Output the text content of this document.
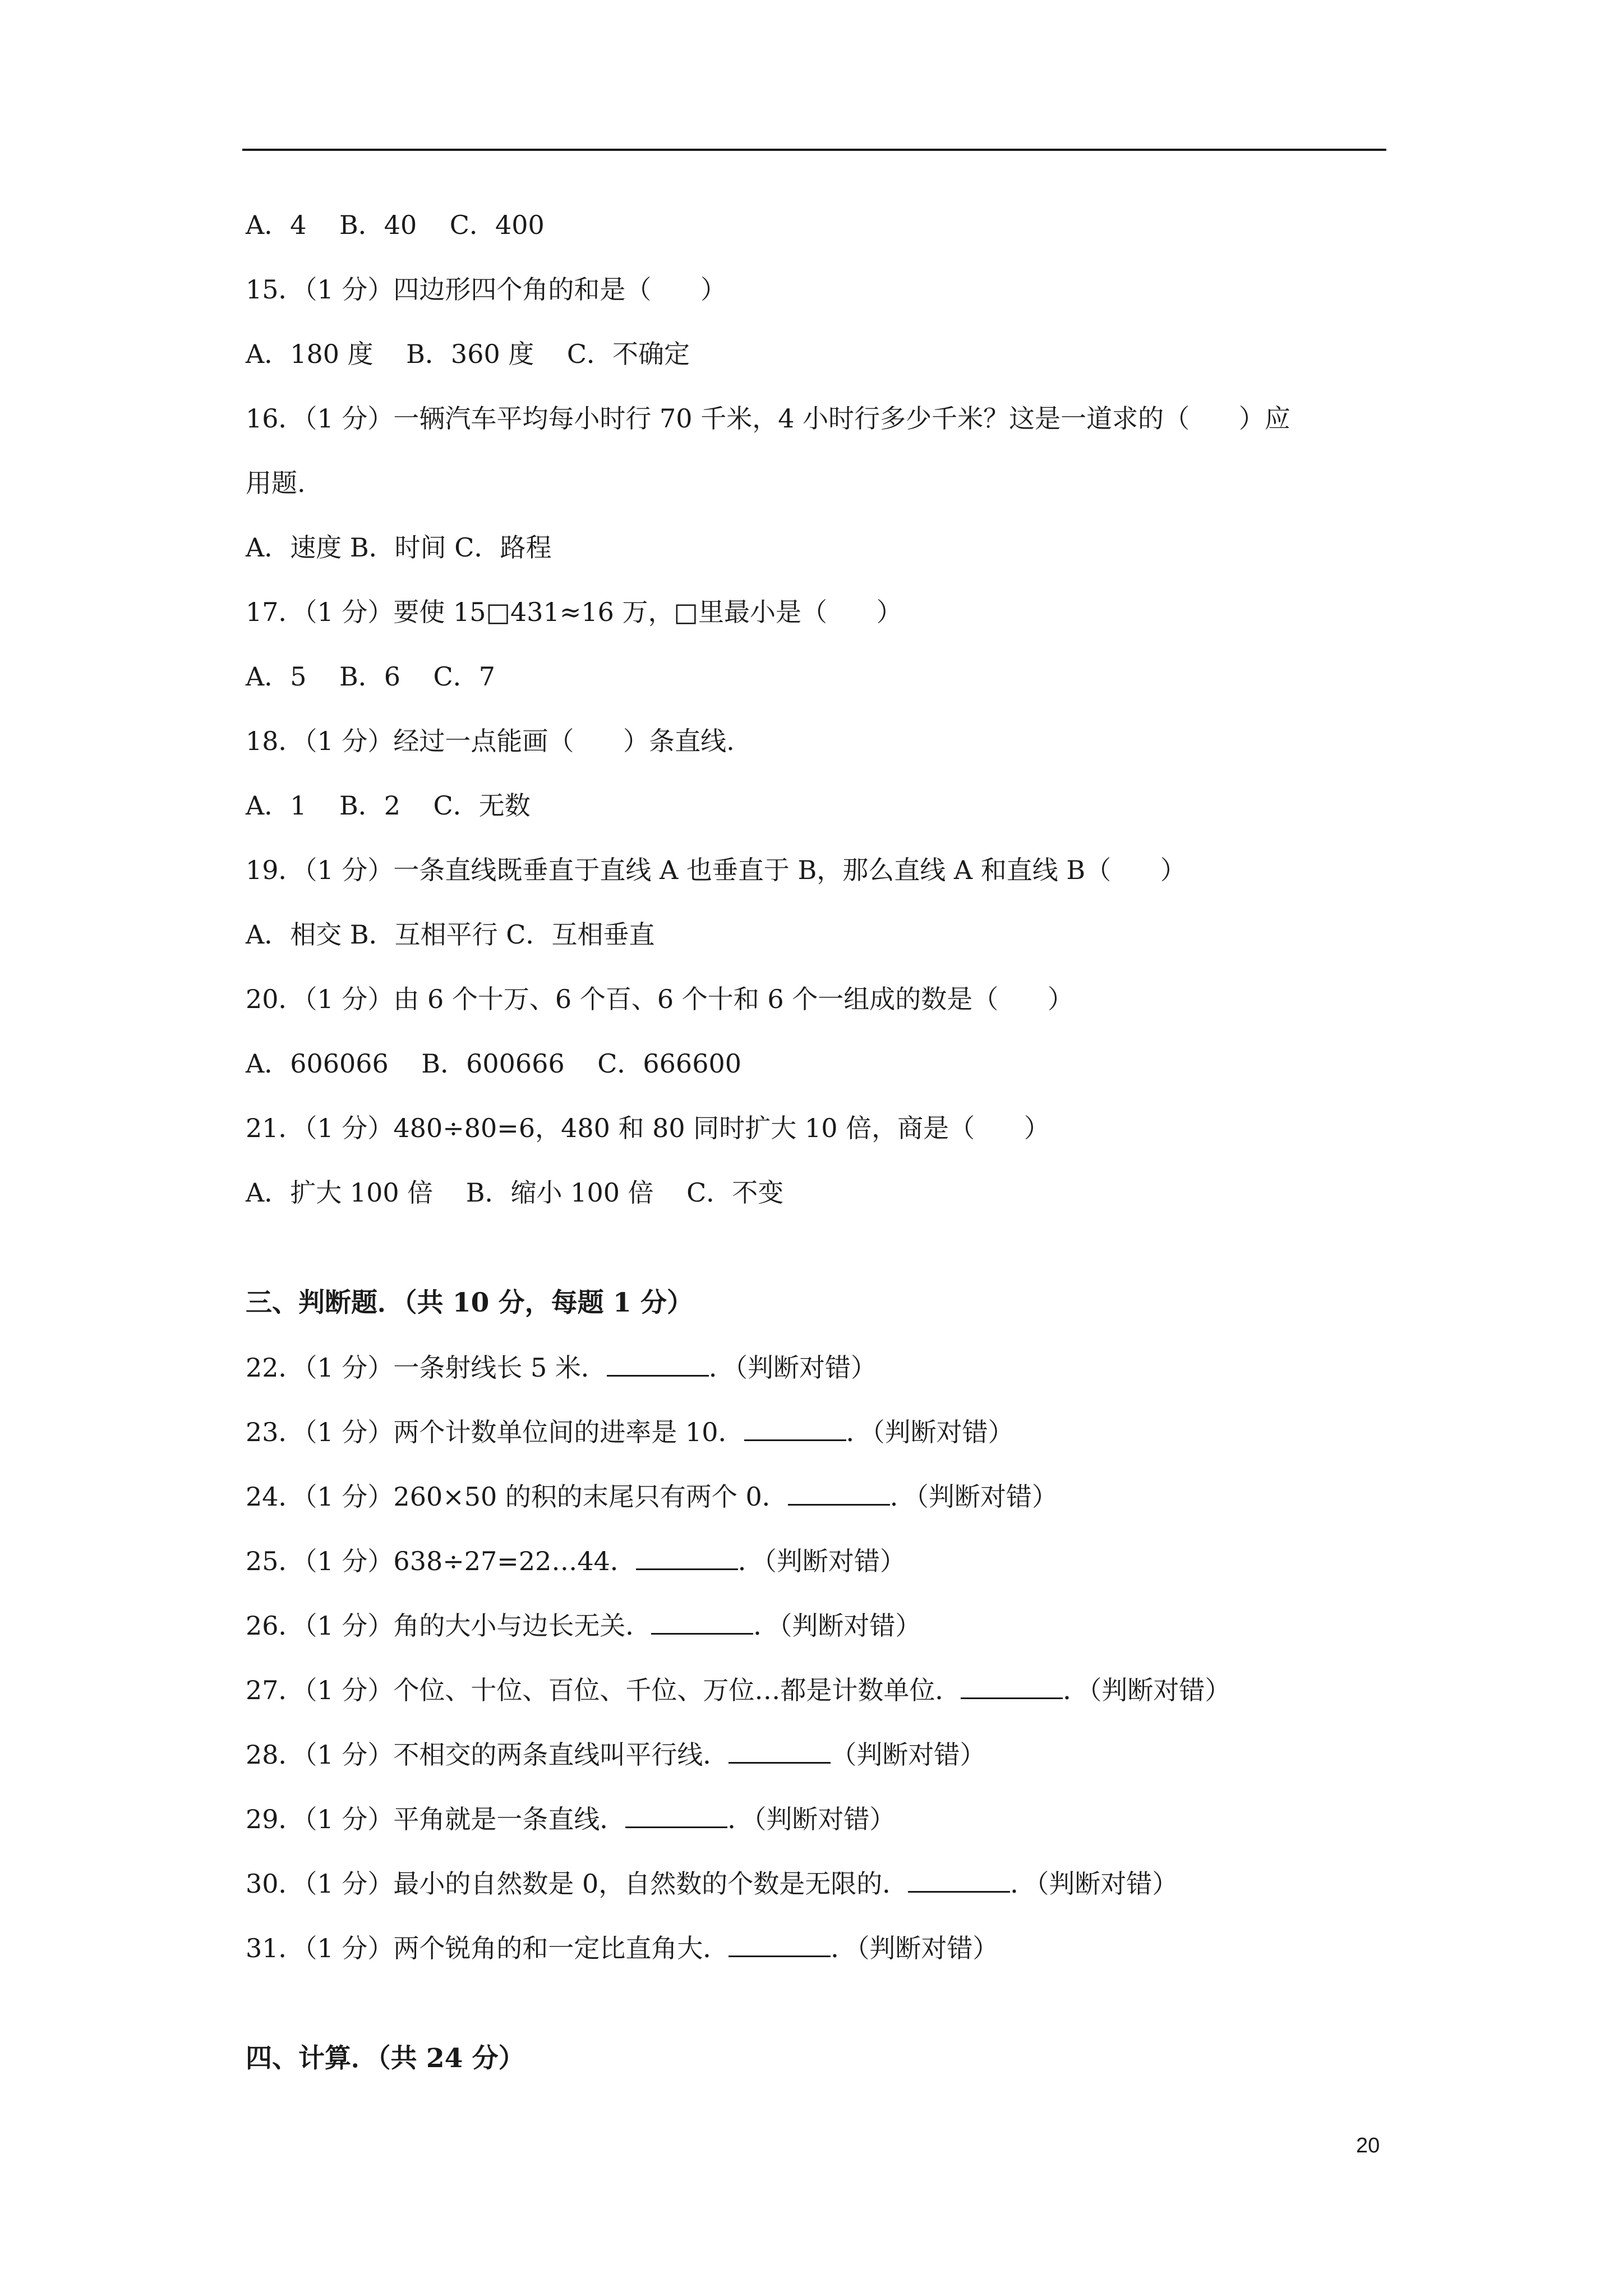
A．4    B．40    C．400
15．（1 分）四边形四个角的和是（      ）
A．180 度    B．360 度    C．不确定
16．（1 分）一辆汽车平均每小时行 70 千米，4 小时行多少千米？这是一道求的（      ）应
用题.
A．速度 B．时间 C．路程
17．（1 分）要使 15□431≈16 万，□里最小是（      ）
A．5    B．6    C．7
18．（1 分）经过一点能画（      ）条直线.
A．1    B．2    C．无数
19．（1 分）一条直线既垂直于直线 A 也垂直于 B，那么直线 A 和直线 B（      ）
A．相交 B．互相平行 C．互相垂直
20．（1 分）由 6 个十万、6 个百、6 个十和 6 个一组成的数是（      ）
A．606066    B．600666    C．666600
21．（1 分）480÷80=6，480 和 80 同时扩大 10 倍，商是（      ）
A．扩大 100 倍    B．缩小 100 倍    C．不变
三、判断题．（共 10 分，每题 1 分）
22．（1 分）一条射线长 5 米．	．（判断对错）
23．（1 分）两个计数单位间的进率是 10．	．（判断对错）
24．（1 分）260×50 的积的末尾只有两个 0．	．（判断对错）
25．（1 分）638÷27=22…44．	．（判断对错）
26．（1 分）角的大小与边长无关．	．（判断对错）
27．（1 分）个位、十位、百位、千位、万位…都是计数单位．	．（判断对错）
28．（1 分）不相交的两条直线叫平行线．	（判断对错）
29．（1 分）平角就是一条直线．	．（判断对错）
30．（1 分）最小的自然数是 0，自然数的个数是无限的．	．（判断对错）
31．（1 分）两个锐角的和一定比直角大．	．（判断对错）
四、计算．（共 24 分）
20
